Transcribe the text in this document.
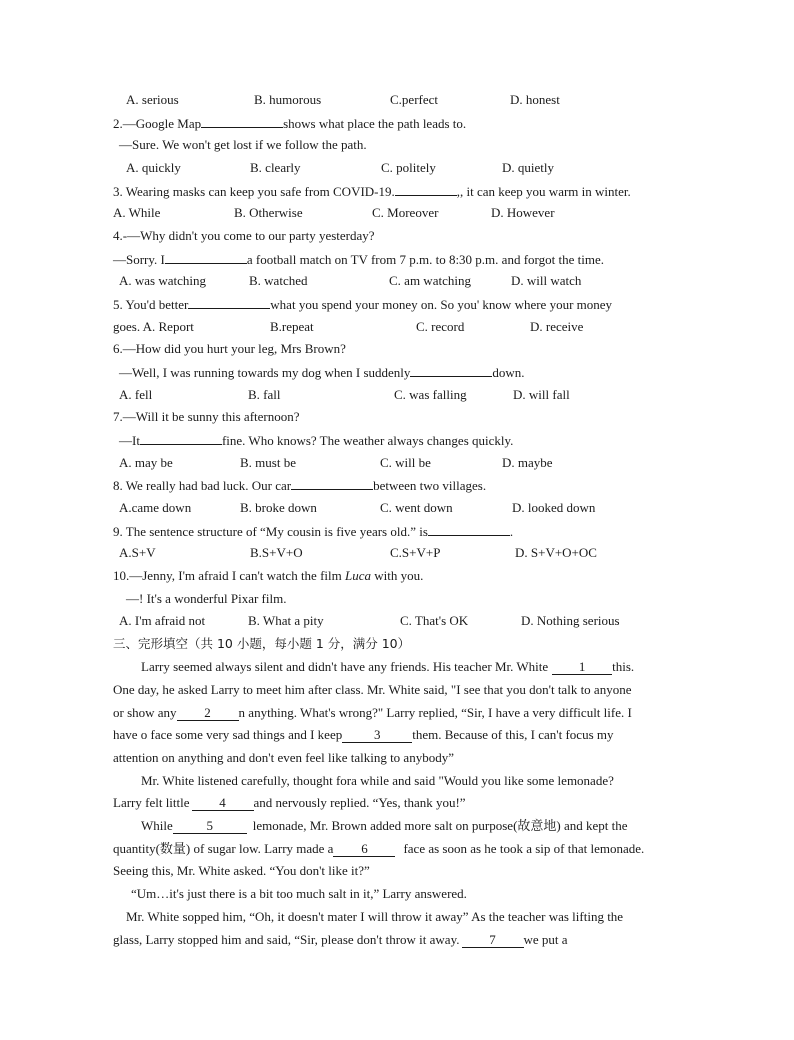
A. serious	B. humorous	C.perfect	D. honest
2.—Google Map	shows what place the path leads to.
—Sure. We won't get lost if we follow the path.
A. quickly	B. clearly	C. politely	D. quietly
3. Wearing masks can keep you safe from COVID-19.	,, it can keep you warm in winter.
A. While	B. Otherwise	C. Moreover	D. However
4.-—Why didn't you come to our party yesterday?
—Sorry. I	a football match on TV from 7 p.m. to 8:30 p.m. and forgot the time.
A. was watching	B. watched	C. am watching	D. will watch
5. You'd better	what you spend your money on. So you' know where your money
goes. A. Report	B.repeat	C. record	D. receive
6.—How did you hurt your leg, Mrs Brown?
—Well, I was running towards my dog when I suddenly	down.
A. fell	B. fall	C. was falling	D. will fall
7.—Will it be sunny this afternoon?
—It	fine. Who knows? The weather always changes quickly.
A. may be	B. must be	C. will be	D. maybe
8. We really had bad luck. Our car	between two villages.
A.came down	B. broke down	C. went down	D. looked down
9. The sentence structure of “My cousin is five years old.” is	.
A.S+V	B.S+V+O	C.S+V+P	D. S+V+O+OC
10.—Jenny, I'm afraid I can't watch the film Luca with you.
—! It's a wonderful Pixar film.
A. I'm afraid not	B. What a pity	C. That's OK	D. Nothing serious
三、完形填空（共 10 小题，每小题 1 分，满分 10）
Larry seemed always silent and didn't have any friends. His teacher Mr. White 1 this.
One day, he asked Larry to meet him after class. Mr. White said, "I see that you don't talk to anyone
or show any 2 n anything. What's wrong?" Larry replied, “Sir, I have a very difficult life. I
have o face some very sad things and I keep 3 them. Because of this, I can't focus my
attention on anything and don't even feel like talking to anybody”
Mr. White listened carefully, thought fora while and said "Would you like some lemonade?
Larry felt little 4 and nervously replied. “Yes, thank you!”
While	5	lemonade, Mr. Brown added more salt on purpose(故意地) and kept the
quantity(数量) of sugar low. Larry made a 6	face as soon as he took a sip of that lemonade.
Seeing this, Mr. White asked. “You don't like it?”
“Um…it's just there is a bit too much salt in it,” Larry answered.
Mr. White sopped him, “Oh, it doesn't mater I will throw it away” As the teacher was lifting the
glass, Larry stopped him and said, “Sir, please don't throw it away. 7 we put a
